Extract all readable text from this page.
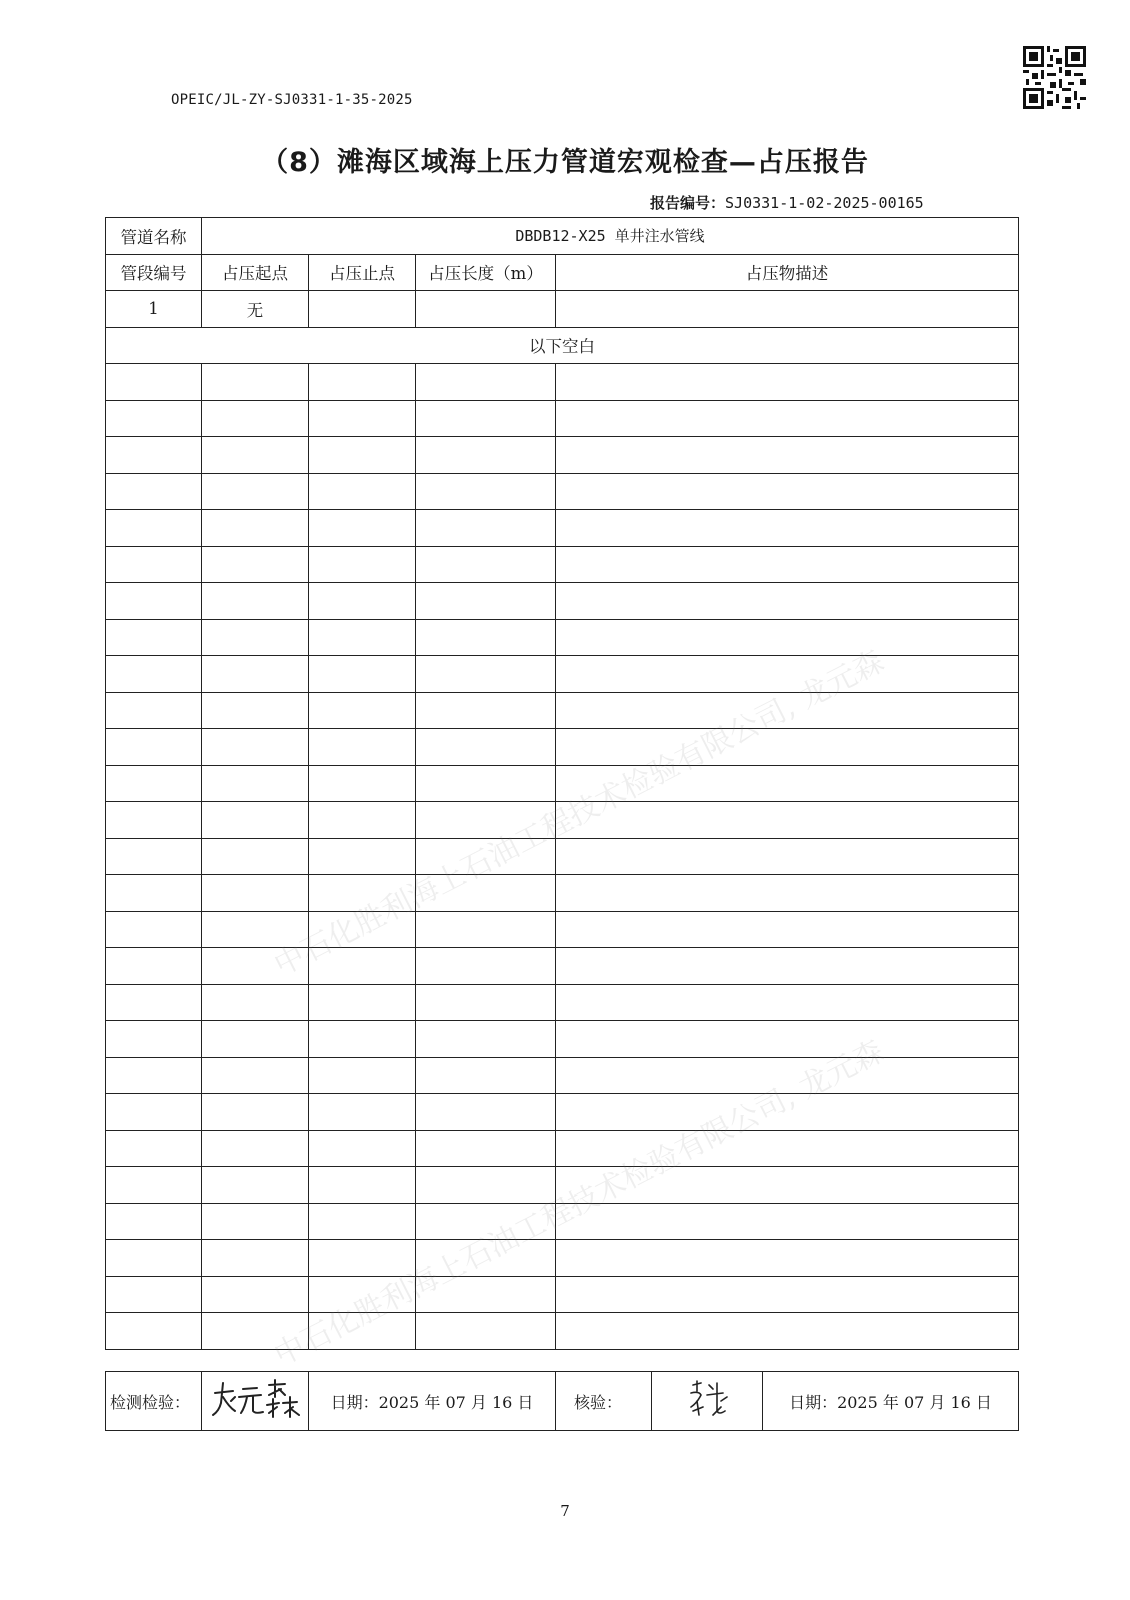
OPEIC/JL-ZY-SJ0331-1-35-2025
（8）滩海区域海上压力管道宏观检查—占压报告
报告编号：SJ0331-1-02-2025-00165
管道名称	DBDB12-X25 单井注水管线			
管段编号	占压起点	占压止点	占压长度（m）	占压物描述
1	无			
以下空白				

检测检验：		日期：2025 年 07 月 16 日	核验：		日期：2025 年 07 月 16 日
中石化胜利海上石油工程技术检验有限公司, 龙元森
中石化胜利海上石油工程技术检验有限公司, 龙元森
7
